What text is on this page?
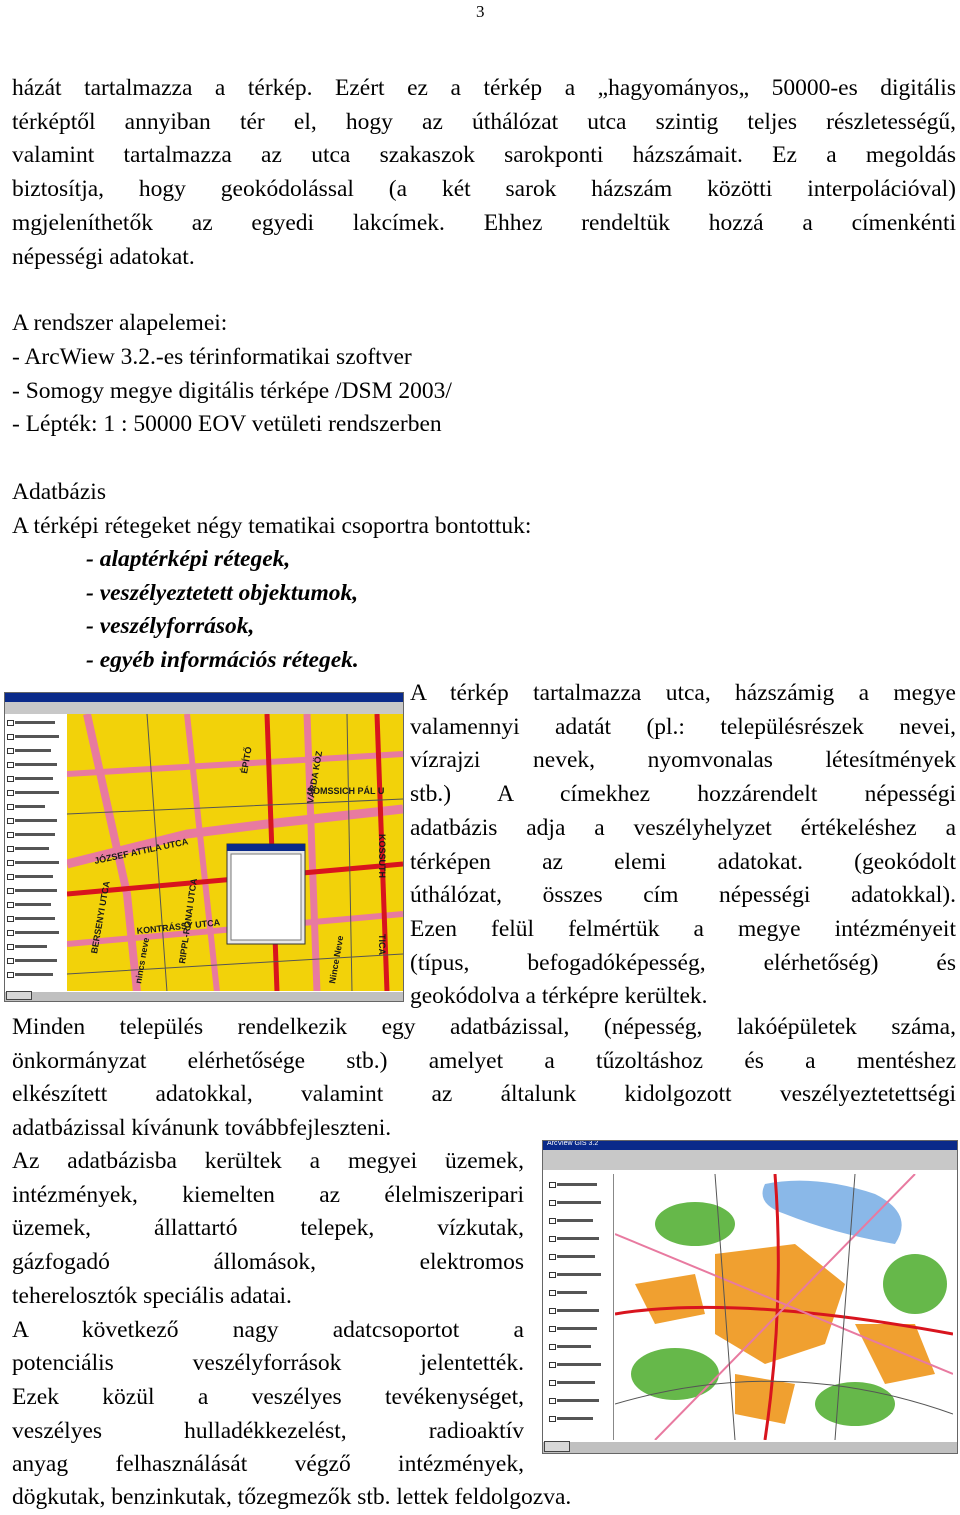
3
házát tartalmazza a térkép. Ezért ez a térkép a „hagyományos„ 50000-es digitális
térképtől annyiban tér el, hogy az úthálózat utca szintig teljes részletességű,
valamint tartalmazza az utca szakaszok sarokponti házszámait. Ez a megoldás
biztosítja, hogy geokódolással (a két sarok házszám közötti interpolációval)
mgjeleníthetők az egyedi lakcímek. Ehhez rendeltük hozzá a címenkénti
népességi adatokat.
A rendszer alapelemei:
- ArcWiew 3.2.-es térinformatikai szoftver
- Somogy megye digitális térképe /DSM 2003/
- Lépték: 1 : 50000 EOV vetületi rendszerben
Adatbázis
A térképi rétegeket négy tematikai csoportra bontottuk:
- alaptérképi rétegek,
- veszélyeztetett objektumok,
- veszélyforrások,
- egyéb információs rétegek.
JÓZSEF ATTILA UTCA
BERSENYI UTCA	RIPPL-RÓNAI UTCA
KONTRÁSSY UTCA
SOMSSICH PÁL U
KOSSUTH
VÁRDA KÖZ
Nince Neve
nincs neve	TICA
ÉPÍTŐ
A térkép tartalmazza utca, házszámig a megye
valamennyi adatát (pl.: településrészek nevei,
vízrajzi nevek, nyomvonalas létesítmények
stb.) A címekhez hozzárendelt népességi
adatbázis adja a veszélyhelyzet értékeléshez a
térképen az elemi adatokat. (geokódolt
úthálózat, összes cím népességi adatokkal).
Ezen felül felmértük a megye intézményeit
(típus, befogadóképesség, elérhetőség) és
geokódolva a térképre kerültek.
Minden település rendelkezik egy adatbázissal, (népesség, lakóépületek száma,
önkormányzat elérhetősége stb.) amelyet a tűzoltáshoz és a mentéshez
elkészített adatokkal, valamint az általunk kidolgozott veszélyeztetettségi
adatbázissal kívánunk továbbfejleszteni.
Az adatbázisba kerültek a megyei üzemek,
intézmények, kiemelten az élelmiszeripari
üzemek, állattartó telepek, vízkutak,
gázfogadó állomások, elektromos
teherelosztók speciális adatai.
A következő nagy adatcsoportot a
potenciális veszélyforrások jelentették.
Ezek közül a veszélyes tevékenységet,
veszélyes hulladékkezelést, radioaktív
anyag felhasználását végző intézmények,
ArcView GIS 3.2
dögkutak, benzinkutak, tőzegmezők stb. lettek feldolgozva.
